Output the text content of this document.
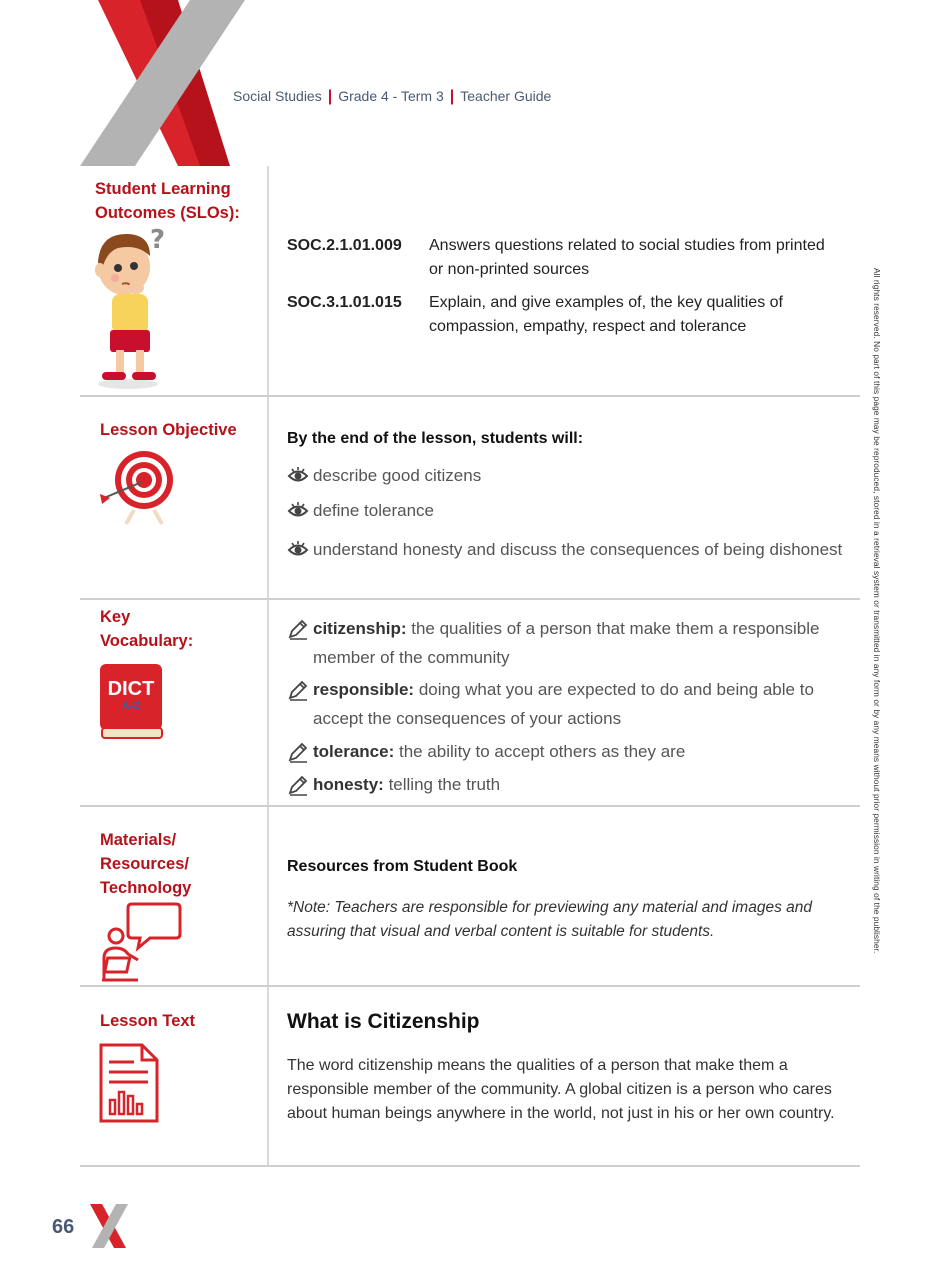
Social Studies | Grade 4 - Term 3 | Teacher Guide
All rights reserved. No part of this page may be reproduced, stored in a retrieval system or transmitted in any form or by any means without prior permission in writing of the publisher.
Student Learning
Outcomes (SLOs):
?	SOC.2.1.01.009	Answers questions related to social studies from printed or non-printed sources
SOC.3.1.01.015	Explain, and give examples of, the key qualities of compassion, empathy, respect and tolerance
Lesson Objective	By the end of the lesson, students will:
describe good citizens
define tolerance
understand honesty and discuss the consequences of being dishonest
Key
Vocabulary:
DICT
A-Z
citizenship: the qualities of a person that make them a responsible member of the community
responsible: doing what you are expected to do and being able to accept the consequences of your actions
tolerance: the ability to accept others as they are
honesty: telling the truth
Materials/
Resources/
Technology
Resources from Student Book
*Note: Teachers are responsible for previewing any material and images and assuring that visual and verbal content is suitable for students.
Lesson Text	What is Citizenship
The word citizenship means the qualities of a person that make them a responsible member of the community. A global citizen is a person who cares about human beings anywhere in the world, not just in his or her own country.
66
